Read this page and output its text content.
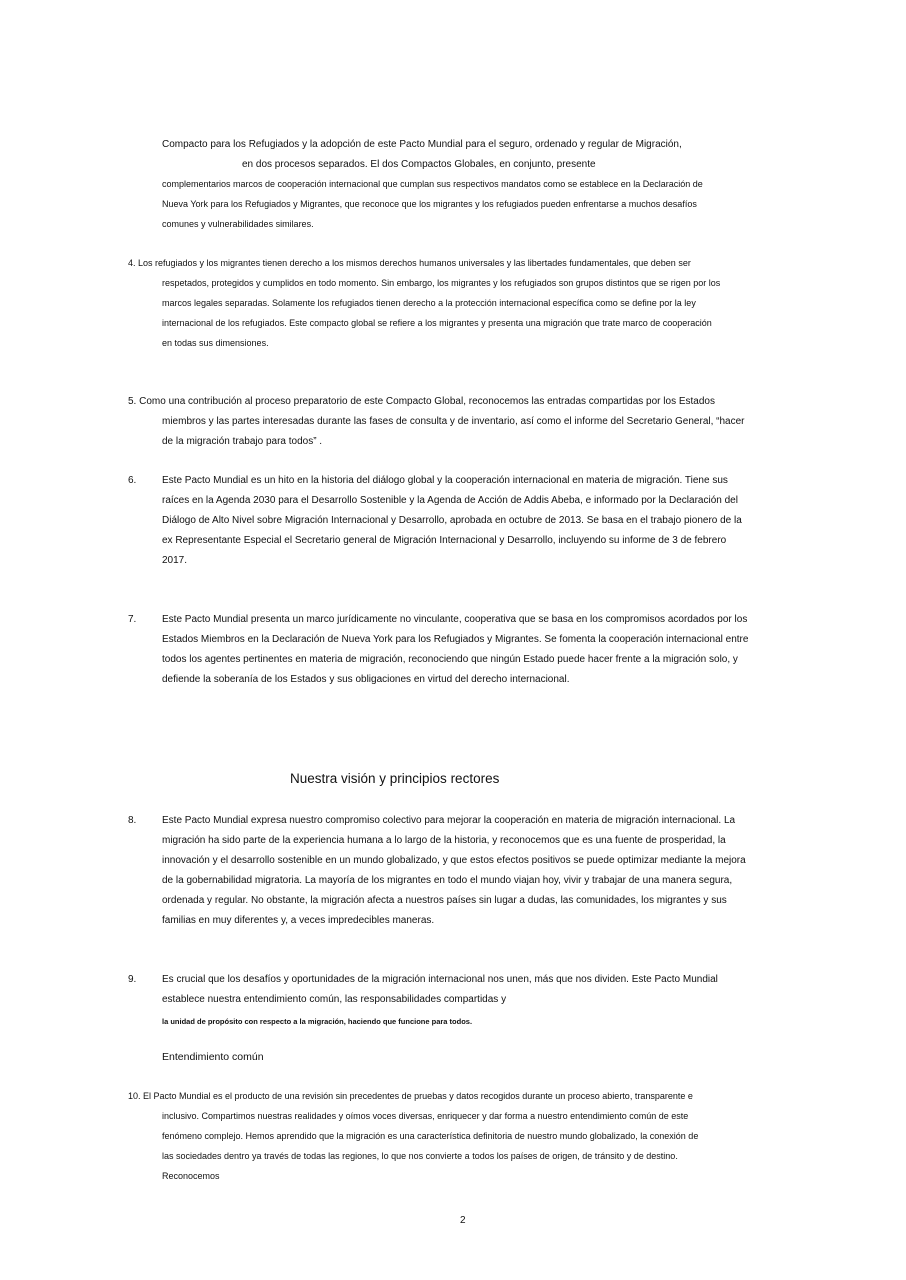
Compacto para los Refugiados y la adopción de este Pacto Mundial para el seguro, ordenado y regular de Migración,
en dos procesos separados. El dos Compactos Globales, en conjunto, presente
complementarios marcos de cooperación internacional que cumplan sus respectivos mandatos como se establece en la Declaración de
Nueva York para los Refugiados y Migrantes, que reconoce que los migrantes y los refugiados pueden enfrentarse a muchos desafíos
comunes y vulnerabilidades similares.
4. Los refugiados y los migrantes tienen derecho a los mismos derechos humanos universales y las libertades fundamentales, que deben ser
respetados, protegidos y cumplidos en todo momento. Sin embargo, los migrantes y los refugiados son grupos distintos que se rigen por los
marcos legales separadas. Solamente los refugiados tienen derecho a la protección internacional específica como se define por la ley
internacional de los refugiados. Este compacto global se refiere a los migrantes y presenta una migración que trate marco de cooperación
en todas sus dimensiones.
5. Como una contribución al proceso preparatorio de este Compacto Global, reconocemos las entradas compartidas por los Estados
miembros y las partes interesadas durante las fases de consulta y de inventario, así como el informe del Secretario General, “hacer
de la migración trabajo para todos” .
6.	Este Pacto Mundial es un hito en la historia del diálogo global y la cooperación internacional en materia de migración. Tiene sus
raíces en la Agenda 2030 para el Desarrollo Sostenible y la Agenda de Acción de Addis Abeba, e informado por la Declaración del
Diálogo de Alto Nivel sobre Migración Internacional y Desarrollo, aprobada en octubre de 2013. Se basa en el trabajo pionero de la
ex Representante Especial el Secretario general de Migración Internacional y Desarrollo, incluyendo su informe de 3 de febrero
2017.
7.	Este Pacto Mundial presenta un marco jurídicamente no vinculante, cooperativa que se basa en los compromisos acordados por los
Estados Miembros en la Declaración de Nueva York para los Refugiados y Migrantes. Se fomenta la cooperación internacional entre
todos los agentes pertinentes en materia de migración, reconociendo que ningún Estado puede hacer frente a la migración solo, y
defiende la soberanía de los Estados y sus obligaciones en virtud del derecho internacional.
Nuestra visión y principios rectores
8.	Este Pacto Mundial expresa nuestro compromiso colectivo para mejorar la cooperación en materia de migración internacional. La
migración ha sido parte de la experiencia humana a lo largo de la historia, y reconocemos que es una fuente de prosperidad, la
innovación y el desarrollo sostenible en un mundo globalizado, y que estos efectos positivos se puede optimizar mediante la mejora
de la gobernabilidad migratoria. La mayoría de los migrantes en todo el mundo viajan hoy, vivir y trabajar de una manera segura,
ordenada y regular. No obstante, la migración afecta a nuestros países sin lugar a dudas, las comunidades, los migrantes y sus
familias en muy diferentes y, a veces impredecibles maneras.
9.	Es crucial que los desafíos y oportunidades de la migración internacional nos unen, más que nos dividen. Este Pacto Mundial
establece nuestra entendimiento común, las responsabilidades compartidas y
la unidad de propósito con respecto a la migración, haciendo que funcione para todos.
Entendimiento común
10. El Pacto Mundial es el producto de una revisión sin precedentes de pruebas y datos recogidos durante un proceso abierto, transparente e
inclusivo. Compartimos nuestras realidades y oímos voces diversas, enriquecer y dar forma a nuestro entendimiento común de este
fenómeno complejo. Hemos aprendido que la migración es una característica definitoria de nuestro mundo globalizado, la conexión de
las sociedades dentro ya través de todas las regiones, lo que nos convierte a todos los países de origen, de tránsito y de destino.
Reconocemos
2
